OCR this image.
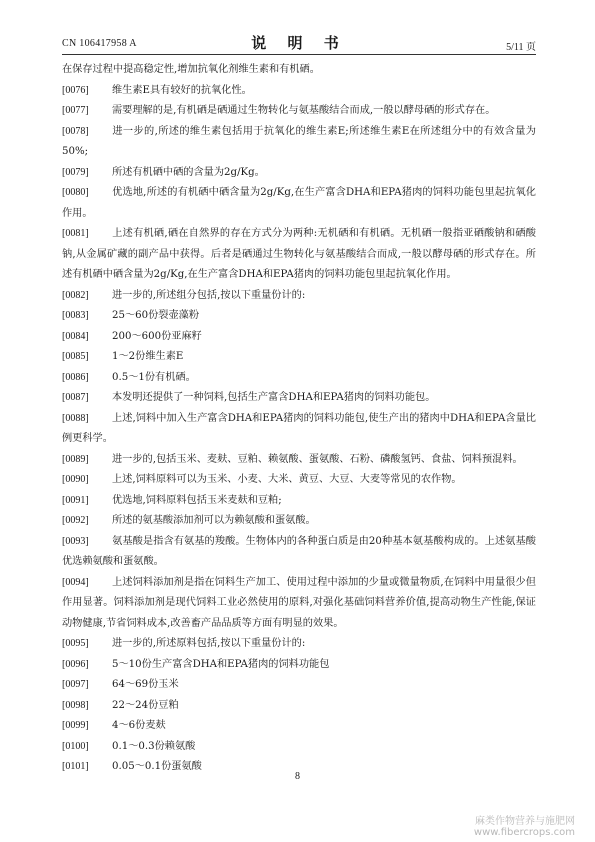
CN 106417958 A	说 明 书	5/11 页
在保存过程中提高稳定性,增加抗氧化剂维生素和有机硒。
[0076] 维生素E具有较好的抗氧化性。
[0077] 需要理解的是,有机硒是硒通过生物转化与氨基酸结合而成,一般以酵母硒的形式存在。
[0078] 进一步的,所述的维生素包括用于抗氧化的维生素E;所述维生素E在所述组分中的有效含量为50%;
[0079] 所述有机硒中硒的含量为2g/Kg。
[0080] 优选地,所述的有机硒中硒含量为2g/Kg,在生产富含DHA和EPA猪肉的饲料功能包里起抗氧化作用。
[0081] 上述有机硒,硒在自然界的存在方式分为两种:无机硒和有机硒。无机硒一般指亚硒酸钠和硒酸钠,从金属矿藏的副产品中获得。后者是硒通过生物转化与氨基酸结合而成,一般以酵母硒的形式存在。所述有机硒中硒含量为2g/Kg,在生产富含DHA和EPA猪肉的饲料功能包里起抗氧化作用。
[0082] 进一步的,所述组分包括,按以下重量份计的:
[0083] 25～60份裂壶藻粉
[0084] 200～600份亚麻籽
[0085] 1～2份维生素E
[0086] 0.5～1份有机硒。
[0087] 本发明还提供了一种饲料,包括生产富含DHA和EPA猪肉的饲料功能包。
[0088] 上述,饲料中加入生产富含DHA和EPA猪肉的饲料功能包,使生产出的猪肉中DHA和EPA含量比例更科学。
[0089] 进一步的,包括玉米、麦麸、豆粕、赖氨酸、蛋氨酸、石粉、磷酸氢钙、食盐、饲料预混料。
[0090] 上述,饲料原料可以为玉米、小麦、大米、黄豆、大豆、大麦等常见的农作物。
[0091] 优选地,饲料原料包括玉米麦麸和豆粕;
[0092] 所述的氨基酸添加剂可以为赖氨酸和蛋氨酸。
[0093] 氨基酸是指含有氨基的羧酸。生物体内的各种蛋白质是由20种基本氨基酸构成的。上述氨基酸优选赖氨酸和蛋氨酸。
[0094] 上述饲料添加剂是指在饲料生产加工、使用过程中添加的少量或微量物质,在饲料中用量很少但作用显著。饲料添加剂是现代饲料工业必然使用的原料,对强化基础饲料营养价值,提高动物生产性能,保证动物健康,节省饲料成本,改善畜产品品质等方面有明显的效果。
[0095] 进一步的,所述原料包括,按以下重量份计的:
[0096] 5～10份生产富含DHA和EPA猪肉的饲料功能包
[0097] 64～69份玉米
[0098] 22～24份豆粕
[0099] 4～6份麦麸
[0100] 0.1～0.3份赖氨酸
[0101] 0.05～0.1份蛋氨酸
8
麻类作物营养与施肥网
www.fibercrops.com
